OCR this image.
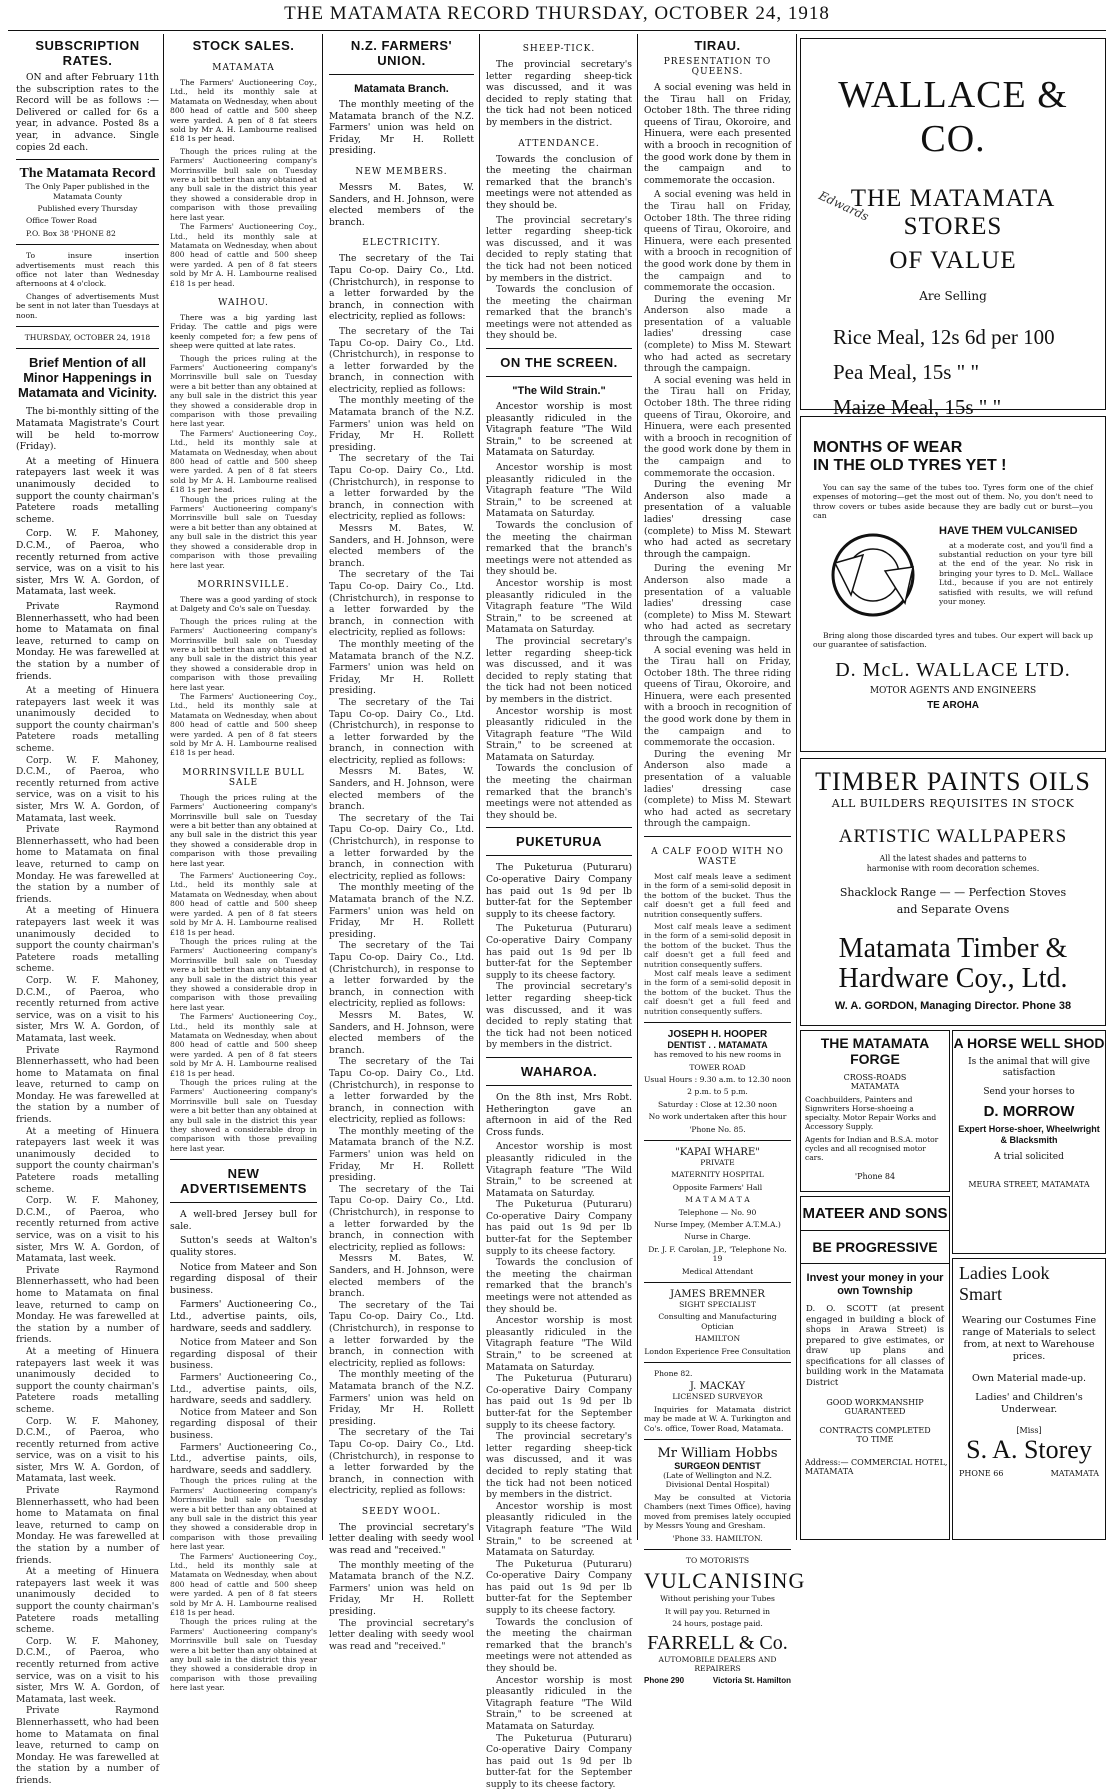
THE MATAMATA RECORD THURSDAY, OCTOBER 24, 1918
SUBSCRIPTION RATES.

ON and after February 11th the subscription rates to the Record will be as follows :— Delivered or called for 6s a year, in advance. Posted 8s a year, in advance. Single copies 2d each.

The Matamata Record

The Only Paper published in the Matamata County

Published every Thursday

Office Tower Road

P.O. Box 38 'PHONE 82

To insure insertion advertisements must reach this office not later than Wednesday afternoons at 4 o'clock.

Changes of advertisements Must be sent in not later than Tuesdays at noon.

THURSDAY, OCTOBER 24, 1918

Brief Mention of all Minor Happenings in Matamata and Vicinity.

The bi-monthly sitting of the Matamata Magistrate's Court will be held to-morrow (Friday).

At a meeting of Hinuera ratepayers last week it was unanimously decided to support the county chairman's Patetere roads metalling scheme.

Corp. W. F. Mahoney, D.C.M., of Paeroa, who recently returned from active service, was on a visit to his sister, Mrs W. A. Gordon, of Matamata, last week.

Private Raymond Blennerhassett, who had been home to Matamata on final leave, returned to camp on Monday. He was farewelled at the station by a number of friends.

At a meeting of Hinuera ratepayers last week it was unanimously decided to support the county chairman's Patetere roads metalling scheme.
Corp. W. F. Mahoney, D.C.M., of Paeroa, who recently returned from active service, was on a visit to his sister, Mrs W. A. Gordon, of Matamata, last week.
Private Raymond Blennerhassett, who had been home to Matamata on final leave, returned to camp on Monday. He was farewelled at the station by a number of friends.
At a meeting of Hinuera ratepayers last week it was unanimously decided to support the county chairman's Patetere roads metalling scheme.
Corp. W. F. Mahoney, D.C.M., of Paeroa, who recently returned from active service, was on a visit to his sister, Mrs W. A. Gordon, of Matamata, last week.
Private Raymond Blennerhassett, who had been home to Matamata on final leave, returned to camp on Monday. He was farewelled at the station by a number of friends.
At a meeting of Hinuera ratepayers last week it was unanimously decided to support the county chairman's Patetere roads metalling scheme.
Corp. W. F. Mahoney, D.C.M., of Paeroa, who recently returned from active service, was on a visit to his sister, Mrs W. A. Gordon, of Matamata, last week.
Private Raymond Blennerhassett, who had been home to Matamata on final leave, returned to camp on Monday. He was farewelled at the station by a number of friends.
At a meeting of Hinuera ratepayers last week it was unanimously decided to support the county chairman's Patetere roads metalling scheme.
Corp. W. F. Mahoney, D.C.M., of Paeroa, who recently returned from active service, was on a visit to his sister, Mrs W. A. Gordon, of Matamata, last week.
Private Raymond Blennerhassett, who had been home to Matamata on final leave, returned to camp on Monday. He was farewelled at the station by a number of friends.
At a meeting of Hinuera ratepayers last week it was unanimously decided to support the county chairman's Patetere roads metalling scheme.
Corp. W. F. Mahoney, D.C.M., of Paeroa, who recently returned from active service, was on a visit to his sister, Mrs W. A. Gordon, of Matamata, last week.
Private Raymond Blennerhassett, who had been home to Matamata on final leave, returned to camp on Monday. He was farewelled at the station by a number of friends.
STOCK SALES.
MATAMATA

The Farmers' Auctioneering Coy., Ltd., held its monthly sale at Matamata on Wednesday, when about 800 head of cattle and 500 sheep were yarded. A pen of 8 fat steers sold by Mr A. H. Lambourne realised £18 1s per head.

Though the prices ruling at the Farmers' Auctioneering company's Morrinsville bull sale on Tuesday were a bit better than any obtained at any bull sale in the district this year they showed a considerable drop in comparison with those prevailing here last year.
The Farmers' Auctioneering Coy., Ltd., held its monthly sale at Matamata on Wednesday, when about 800 head of cattle and 500 sheep were yarded. A pen of 8 fat steers sold by Mr A. H. Lambourne realised £18 1s per head.
WAIHOU.

There was a big yarding last Friday. The cattle and pigs were keenly competed for; a few pens of sheep were quitted at late rates.

Though the prices ruling at the Farmers' Auctioneering company's Morrinsville bull sale on Tuesday were a bit better than any obtained at any bull sale in the district this year they showed a considerable drop in comparison with those prevailing here last year.
The Farmers' Auctioneering Coy., Ltd., held its monthly sale at Matamata on Wednesday, when about 800 head of cattle and 500 sheep were yarded. A pen of 8 fat steers sold by Mr A. H. Lambourne realised £18 1s per head.
Though the prices ruling at the Farmers' Auctioneering company's Morrinsville bull sale on Tuesday were a bit better than any obtained at any bull sale in the district this year they showed a considerable drop in comparison with those prevailing here last year.
MORRINSVILLE.

There was a good yarding of stock at Dalgety and Co's sale on Tuesday.

Though the prices ruling at the Farmers' Auctioneering company's Morrinsville bull sale on Tuesday were a bit better than any obtained at any bull sale in the district this year they showed a considerable drop in comparison with those prevailing here last year.
The Farmers' Auctioneering Coy., Ltd., held its monthly sale at Matamata on Wednesday, when about 800 head of cattle and 500 sheep were yarded. A pen of 8 fat steers sold by Mr A. H. Lambourne realised £18 1s per head.
MORRINSVILLE BULL SALE

Though the prices ruling at the Farmers' Auctioneering company's Morrinsville bull sale on Tuesday were a bit better than any obtained at any bull sale in the district this year they showed a considerable drop in comparison with those prevailing here last year.

The Farmers' Auctioneering Coy., Ltd., held its monthly sale at Matamata on Wednesday, when about 800 head of cattle and 500 sheep were yarded. A pen of 8 fat steers sold by Mr A. H. Lambourne realised £18 1s per head.
Though the prices ruling at the Farmers' Auctioneering company's Morrinsville bull sale on Tuesday were a bit better than any obtained at any bull sale in the district this year they showed a considerable drop in comparison with those prevailing here last year.
The Farmers' Auctioneering Coy., Ltd., held its monthly sale at Matamata on Wednesday, when about 800 head of cattle and 500 sheep were yarded. A pen of 8 fat steers sold by Mr A. H. Lambourne realised £18 1s per head.
Though the prices ruling at the Farmers' Auctioneering company's Morrinsville bull sale on Tuesday were a bit better than any obtained at any bull sale in the district this year they showed a considerable drop in comparison with those prevailing here last year.
NEW ADVERTISEMENTS

A well-bred Jersey bull for sale.

Sutton's seeds at Walton's quality stores.

Notice from Mateer and Son regarding disposal of their business.

Farmers' Auctioneering Co., Ltd., advertise paints, oils, hardware, seeds and saddlery.

Notice from Mateer and Son regarding disposal of their business.
Farmers' Auctioneering Co., Ltd., advertise paints, oils, hardware, seeds and saddlery.
Notice from Mateer and Son regarding disposal of their business.
Farmers' Auctioneering Co., Ltd., advertise paints, oils, hardware, seeds and saddlery.
Though the prices ruling at the Farmers' Auctioneering company's Morrinsville bull sale on Tuesday were a bit better than any obtained at any bull sale in the district this year they showed a considerable drop in comparison with those prevailing here last year.
The Farmers' Auctioneering Coy., Ltd., held its monthly sale at Matamata on Wednesday, when about 800 head of cattle and 500 sheep were yarded. A pen of 8 fat steers sold by Mr A. H. Lambourne realised £18 1s per head.
Though the prices ruling at the Farmers' Auctioneering company's Morrinsville bull sale on Tuesday were a bit better than any obtained at any bull sale in the district this year they showed a considerable drop in comparison with those prevailing here last year.
N.Z. FARMERS' UNION.
Matamata Branch.

The monthly meeting of the Matamata branch of the N.Z. Farmers' union was held on Friday, Mr H. Rollett presiding.

NEW MEMBERS.

Messrs M. Bates, W. Sanders, and H. Johnson, were elected members of the branch.

ELECTRICITY.

The secretary of the Tai Tapu Co-op. Dairy Co., Ltd. (Christchurch), in response to a letter forwarded by the branch, in connection with electricity, replied as follows:

The secretary of the Tai Tapu Co-op. Dairy Co., Ltd. (Christchurch), in response to a letter forwarded by the branch, in connection with electricity, replied as follows:
The monthly meeting of the Matamata branch of the N.Z. Farmers' union was held on Friday, Mr H. Rollett presiding.
The secretary of the Tai Tapu Co-op. Dairy Co., Ltd. (Christchurch), in response to a letter forwarded by the branch, in connection with electricity, replied as follows:
Messrs M. Bates, W. Sanders, and H. Johnson, were elected members of the branch.
The secretary of the Tai Tapu Co-op. Dairy Co., Ltd. (Christchurch), in response to a letter forwarded by the branch, in connection with electricity, replied as follows:
The monthly meeting of the Matamata branch of the N.Z. Farmers' union was held on Friday, Mr H. Rollett presiding.
The secretary of the Tai Tapu Co-op. Dairy Co., Ltd. (Christchurch), in response to a letter forwarded by the branch, in connection with electricity, replied as follows:
Messrs M. Bates, W. Sanders, and H. Johnson, were elected members of the branch.
The secretary of the Tai Tapu Co-op. Dairy Co., Ltd. (Christchurch), in response to a letter forwarded by the branch, in connection with electricity, replied as follows:
The monthly meeting of the Matamata branch of the N.Z. Farmers' union was held on Friday, Mr H. Rollett presiding.
The secretary of the Tai Tapu Co-op. Dairy Co., Ltd. (Christchurch), in response to a letter forwarded by the branch, in connection with electricity, replied as follows:
Messrs M. Bates, W. Sanders, and H. Johnson, were elected members of the branch.
The secretary of the Tai Tapu Co-op. Dairy Co., Ltd. (Christchurch), in response to a letter forwarded by the branch, in connection with electricity, replied as follows:
The monthly meeting of the Matamata branch of the N.Z. Farmers' union was held on Friday, Mr H. Rollett presiding.
The secretary of the Tai Tapu Co-op. Dairy Co., Ltd. (Christchurch), in response to a letter forwarded by the branch, in connection with electricity, replied as follows:
Messrs M. Bates, W. Sanders, and H. Johnson, were elected members of the branch.
The secretary of the Tai Tapu Co-op. Dairy Co., Ltd. (Christchurch), in response to a letter forwarded by the branch, in connection with electricity, replied as follows:
The monthly meeting of the Matamata branch of the N.Z. Farmers' union was held on Friday, Mr H. Rollett presiding.
The secretary of the Tai Tapu Co-op. Dairy Co., Ltd. (Christchurch), in response to a letter forwarded by the branch, in connection with electricity, replied as follows:
SEEDY WOOL.

The provincial secretary's letter dealing with seedy wool was read and "received."

The monthly meeting of the Matamata branch of the N.Z. Farmers' union was held on Friday, Mr H. Rollett presiding.
The provincial secretary's letter dealing with seedy wool was read and "received."
SHEEP-TICK.

The provincial secretary's letter regarding sheep-tick was discussed, and it was decided to reply stating that the tick had not been noticed by members in the district.

ATTENDANCE.

Towards the conclusion of the meeting the chairman remarked that the branch's meetings were not attended as they should be.

The provincial secretary's letter regarding sheep-tick was discussed, and it was decided to reply stating that the tick had not been noticed by members in the district.
Towards the conclusion of the meeting the chairman remarked that the branch's meetings were not attended as they should be.
ON THE SCREEN.
"The Wild Strain."

Ancestor worship is most pleasantly ridiculed in the Vitagraph feature "The Wild Strain," to be screened at Matamata on Saturday.

Ancestor worship is most pleasantly ridiculed in the Vitagraph feature "The Wild Strain," to be screened at Matamata on Saturday.
Towards the conclusion of the meeting the chairman remarked that the branch's meetings were not attended as they should be.
Ancestor worship is most pleasantly ridiculed in the Vitagraph feature "The Wild Strain," to be screened at Matamata on Saturday.
The provincial secretary's letter regarding sheep-tick was discussed, and it was decided to reply stating that the tick had not been noticed by members in the district.
Ancestor worship is most pleasantly ridiculed in the Vitagraph feature "The Wild Strain," to be screened at Matamata on Saturday.
Towards the conclusion of the meeting the chairman remarked that the branch's meetings were not attended as they should be.
PUKETURUA

The Puketurua (Puturaru) Co-operative Dairy Company has paid out 1s 9d per lb butter-fat for the September supply to its cheese factory.

The Puketurua (Puturaru) Co-operative Dairy Company has paid out 1s 9d per lb butter-fat for the September supply to its cheese factory.
The provincial secretary's letter regarding sheep-tick was discussed, and it was decided to reply stating that the tick had not been noticed by members in the district.
WAHAROA.

On the 8th inst, Mrs Robt. Hetherington gave an afternoon in aid of the Red Cross funds.

Ancestor worship is most pleasantly ridiculed in the Vitagraph feature "The Wild Strain," to be screened at Matamata on Saturday.
The Puketurua (Puturaru) Co-operative Dairy Company has paid out 1s 9d per lb butter-fat for the September supply to its cheese factory.
Towards the conclusion of the meeting the chairman remarked that the branch's meetings were not attended as they should be.
Ancestor worship is most pleasantly ridiculed in the Vitagraph feature "The Wild Strain," to be screened at Matamata on Saturday.
The Puketurua (Puturaru) Co-operative Dairy Company has paid out 1s 9d per lb butter-fat for the September supply to its cheese factory.
The provincial secretary's letter regarding sheep-tick was discussed, and it was decided to reply stating that the tick had not been noticed by members in the district.
Ancestor worship is most pleasantly ridiculed in the Vitagraph feature "The Wild Strain," to be screened at Matamata on Saturday.
The Puketurua (Puturaru) Co-operative Dairy Company has paid out 1s 9d per lb butter-fat for the September supply to its cheese factory.
Towards the conclusion of the meeting the chairman remarked that the branch's meetings were not attended as they should be.
Ancestor worship is most pleasantly ridiculed in the Vitagraph feature "The Wild Strain," to be screened at Matamata on Saturday.
The Puketurua (Puturaru) Co-operative Dairy Company has paid out 1s 9d per lb butter-fat for the September supply to its cheese factory.
TIRAU.
PRESENTATION TO QUEENS.

A social evening was held in the Tirau hall on Friday, October 18th. The three riding queens of Tirau, Okoroire, and Hinuera, were each presented with a brooch in recognition of the good work done by them in the campaign and to commemorate the occasion.

A social evening was held in the Tirau hall on Friday, October 18th. The three riding queens of Tirau, Okoroire, and Hinuera, were each presented with a brooch in recognition of the good work done by them in the campaign and to commemorate the occasion.
During the evening Mr Anderson also made a presentation of a valuable ladies' dressing case (complete) to Miss M. Stewart who had acted as secretary through the campaign.
A social evening was held in the Tirau hall on Friday, October 18th. The three riding queens of Tirau, Okoroire, and Hinuera, were each presented with a brooch in recognition of the good work done by them in the campaign and to commemorate the occasion.

During the evening Mr Anderson also made a presentation of a valuable ladies' dressing case (complete) to Miss M. Stewart who had acted as secretary through the campaign.

During the evening Mr Anderson also made a presentation of a valuable ladies' dressing case (complete) to Miss M. Stewart who had acted as secretary through the campaign.
A social evening was held in the Tirau hall on Friday, October 18th. The three riding queens of Tirau, Okoroire, and Hinuera, were each presented with a brooch in recognition of the good work done by them in the campaign and to commemorate the occasion.
During the evening Mr Anderson also made a presentation of a valuable ladies' dressing case (complete) to Miss M. Stewart who had acted as secretary through the campaign.
A CALF FOOD WITH NO WASTE

Most calf meals leave a sediment in the form of a semi-solid deposit in the bottom of the bucket. Thus the calf doesn't get a full feed and nutrition consequently suffers.

Most calf meals leave a sediment in the form of a semi-solid deposit in the bottom of the bucket. Thus the calf doesn't get a full feed and nutrition consequently suffers.
Most calf meals leave a sediment in the form of a semi-solid deposit in the bottom of the bucket. Thus the calf doesn't get a full feed and nutrition consequently suffers.
JOSEPH H. HOOPER
DENTIST . . MATAMATA

has removed to his new rooms in

TOWER ROAD

Usual Hours : 9.30 a.m. to 12.30 noon

2 p.m. to 5 p.m.

Saturday : Close at 12.30 noon

No work undertaken after this hour

'Phone No. 85.

"KAPAI WHARE"

PRIVATE

MATERNITY HOSPITAL

Opposite Farmers' Hall

M A T A M A T A

Telephone — No. 90

Nurse Impey, (Member A.T.M.A.)

Nurse in Charge.

Dr. J. F. Carolan, J.P., 'Telephone No. 19

Medical Attendant

JAMES BREMNER

SIGHT SPECIALIST

Consulting and Manufacturing Optician

HAMILTON

London Experience Free Consultation

Phone 82.

J. MACKAY

LICENSED SURVEYOR

Inquiries for Matamata district may be made at W. A. Turkington and Co's. office, Tower Road, Matamata.

Mr William Hobbs
SURGEON DENTIST

(Late of Wellington and N.Z. Divisional Dental Hospital)

May be consulted at Victoria Chambers (next Times Office), having moved from premises lately occupied by Messrs Young and Gresham.

'Phone 33. HAMILTON.

TO MOTORISTS

VULCANISING

Without perishing your Tubes

It will pay you. Returned in

24 hours, postage paid.

FARRELL & Co.

AUTOMOBILE DEALERS AND REPAIRERS

Phone 290	Victoria St. Hamilton
WALLACE & CO.
THE MATAMATA STORES
OF VALUE
Are Selling
Edwards
Rice Meal, 12s 6d per 100
Pea Meal, 15s " "
Maize Meal, 15s " "
MONTHS OF WEAR
IN THE OLD TYRES YET !

You can say the same of the tubes too. Tyres form one of the chief expenses of motoring—get the most out of them. No, you don't need to throw covers or tubes aside because they are badly cut or burst—you can

HAVE THEM VULCANISED

at a moderate cost, and you'll find a substantial reduction on your tyre bill at the end of the year. No risk in bringing your tyres to D. McL. Wallace Ltd., because if you are not entirely satisfied with results, we will refund your money.

Bring along those discarded tyres and tubes. Our expert will back up our guarantee of satisfaction.

D. McL. WALLACE LTD.
MOTOR AGENTS AND ENGINEERS
TE AROHA
TIMBER PAINTS OILS
ALL BUILDERS REQUISITES IN STOCK
ARTISTIC WALLPAPERS
All the latest shades and patterns to harmonise with room decoration schemes.
Shacklock Range — — Perfection Stoves
and Separate Ovens
Matamata Timber &
Hardware Coy., Ltd.
W. A. GORDON, Managing Director. Phone 38
THE MATAMATA FORGE
CROSS-ROADS
MATAMATA
Coachbuilders, Painters and Signwriters Horse-shoeing a specialty. Motor Repair Works and Accessory Supply.
Agents for Indian and B.S.A. motor cycles and all recognised motor cars.
'Phone 84
A HORSE WELL SHOD
Is the animal that will give satisfaction
Send your horses to
D. MORROW
Expert Horse-shoer, Wheelwright & Blacksmith
A trial solicited
MEURA STREET, MATAMATA
MATEER AND SONS
BE PROGRESSIVE
Invest your money in your own Township
D. O. SCOTT (at present engaged in building a block of shops in Arawa Street) is prepared to give estimates, or draw up plans and specifications for all classes of building work in the Matamata District
GOOD WORKMANSHIP
GUARANTEED
CONTRACTS COMPLETED
TO TIME
Address:— COMMERCIAL HOTEL, MATAMATA
Ladies Look
Smart
Wearing our Costumes Fine range of Materials to select from, at next to Warehouse prices.
Own Material made-up.
Ladies' and Children's Underwear.
[Miss]
S. A. Storey
PHONE 66	MATAMATA
